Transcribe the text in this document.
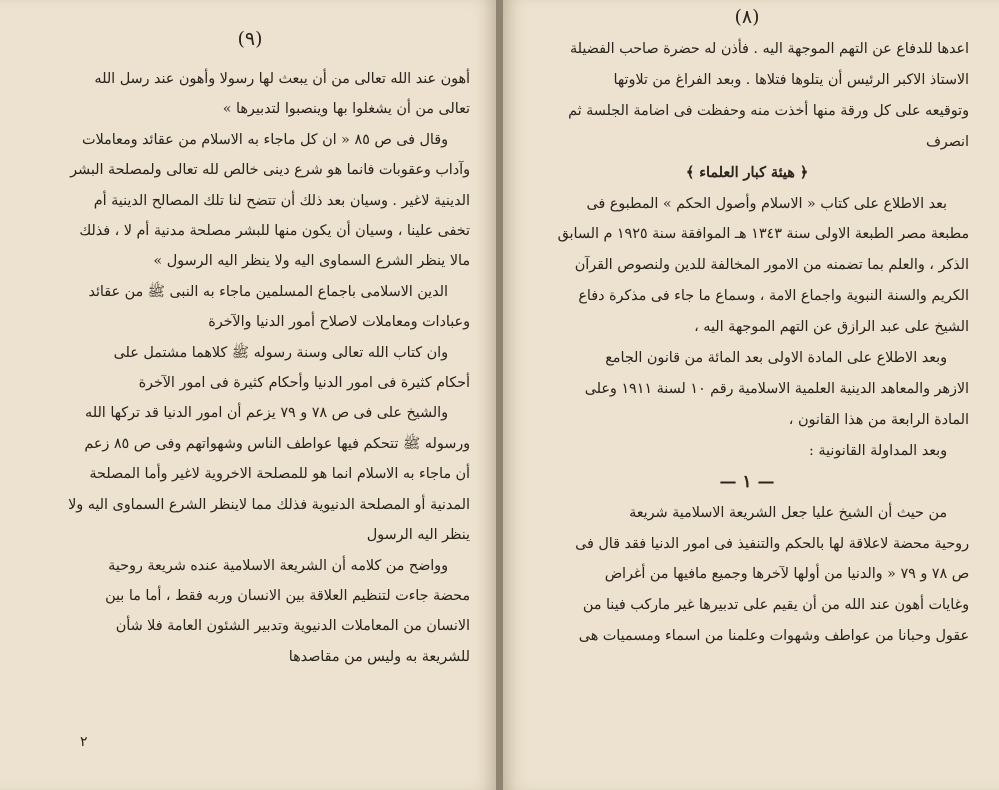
(٩)
أهون عند الله تعالى من أن يبعث لها رسولا وأهون عند رسل الله
تعالى من أن يشغلوا بها وينصبوا لتدبيرها »
وقال فى ص ٨٥ « ان كل ماجاء به الاسلام من عقائد ومعاملات
وآداب وعقوبات فانما هو شرع دينى خالص لله تعالى ولمصلحة البشر
الدينية لاغير . وسيان بعد ذلك أن تتضح لنا تلك المصالح الدينية أم
تخفى علينا ، وسيان أن يكون منها للبشر مصلحة مدنية أم لا ، فذلك
مالا ينظر الشرع السماوى اليه ولا ينظر اليه الرسول »
الدين الاسلامى باجماع المسلمين ماجاء به النبى ﷺ من عقائد
وعبادات ومعاملات لاصلاح أمور الدنيا والآخرة
وان كتاب الله تعالى وسنة رسوله ﷺ كلاهما مشتمل على
أحكام كثيرة فى امور الدنيا وأحكام كثيرة فى امور الآخرة
والشيخ على فى ص ٧٨ و ٧٩ يزعم أن امور الدنيا قد تركها الله
ورسوله ﷺ تتحكم فيها عواطف الناس وشهواتهم وفى ص ٨٥ زعم
أن ماجاء به الاسلام انما هو للمصلحة الاخروية لاغير وأما المصلحة
المدنية أو المصلحة الدنيوية فذلك مما لاينظر الشرع السماوى اليه ولا
ينظر اليه الرسول
وواضح من كلامه أن الشريعة الاسلامية عنده شريعة روحية
محضة جاءت لتنظيم العلاقة بين الانسان وربه فقط ، أما ما بين
الانسان من المعاملات الدنيوية وتدبير الشئون العامة فلا شأن
للشريعة به وليس من مقاصدها
٢
(٨)
اعدها للدفاع عن التهم الموجهة اليه . فأذن له حضرة صاحب الفضيلة
الاستاذ الاكبر الرئيس أن يتلوها فتلاها . وبعد الفراغ من تلاوتها
وتوقيعه على كل ورقة منها أخذت منه وحفظت فى اضامة الجلسة ثم
انصرف
﴿ هيئة كبار العلماء ﴾
بعد الاطلاع على كتاب « الاسلام وأصول الحكم » المطبوع فى
مطبعة مصر الطبعة الاولى سنة ١٣٤٣ هـ الموافقة سنة ١٩٢٥ م السابق
الذكر ، والعلم بما تضمنه من الامور المخالفة للدين ولنصوص القرآن
الكريم والسنة النبوية واجماع الامة ، وسماع ما جاء فى مذكرة دفاع
الشيخ على عبد الرازق عن التهم الموجهة اليه ،
وبعد الاطلاع على المادة الاولى بعد المائة من قانون الجامع
الازهر والمعاهد الدينية العلمية الاسلامية رقم ١٠ لسنة ١٩١١ وعلى
المادة الرابعة من هذا القانون ،
وبعد المداولة القانونية :
— ١ —
من حيث أن الشيخ عليا جعل الشريعة الاسلامية شريعة
روحية محضة لاعلاقة لها بالحكم والتنفيذ فى امور الدنيا فقد قال فى
ص ٧٨ و ٧٩ « والدنيا من أولها لآخرها وجميع مافيها من أغراض
وغايات أهون عند الله من أن يقيم على تدبيرها غير ماركب فينا من
عقول وحبانا من عواطف وشهوات وعلمنا من اسماء ومسميات هى
